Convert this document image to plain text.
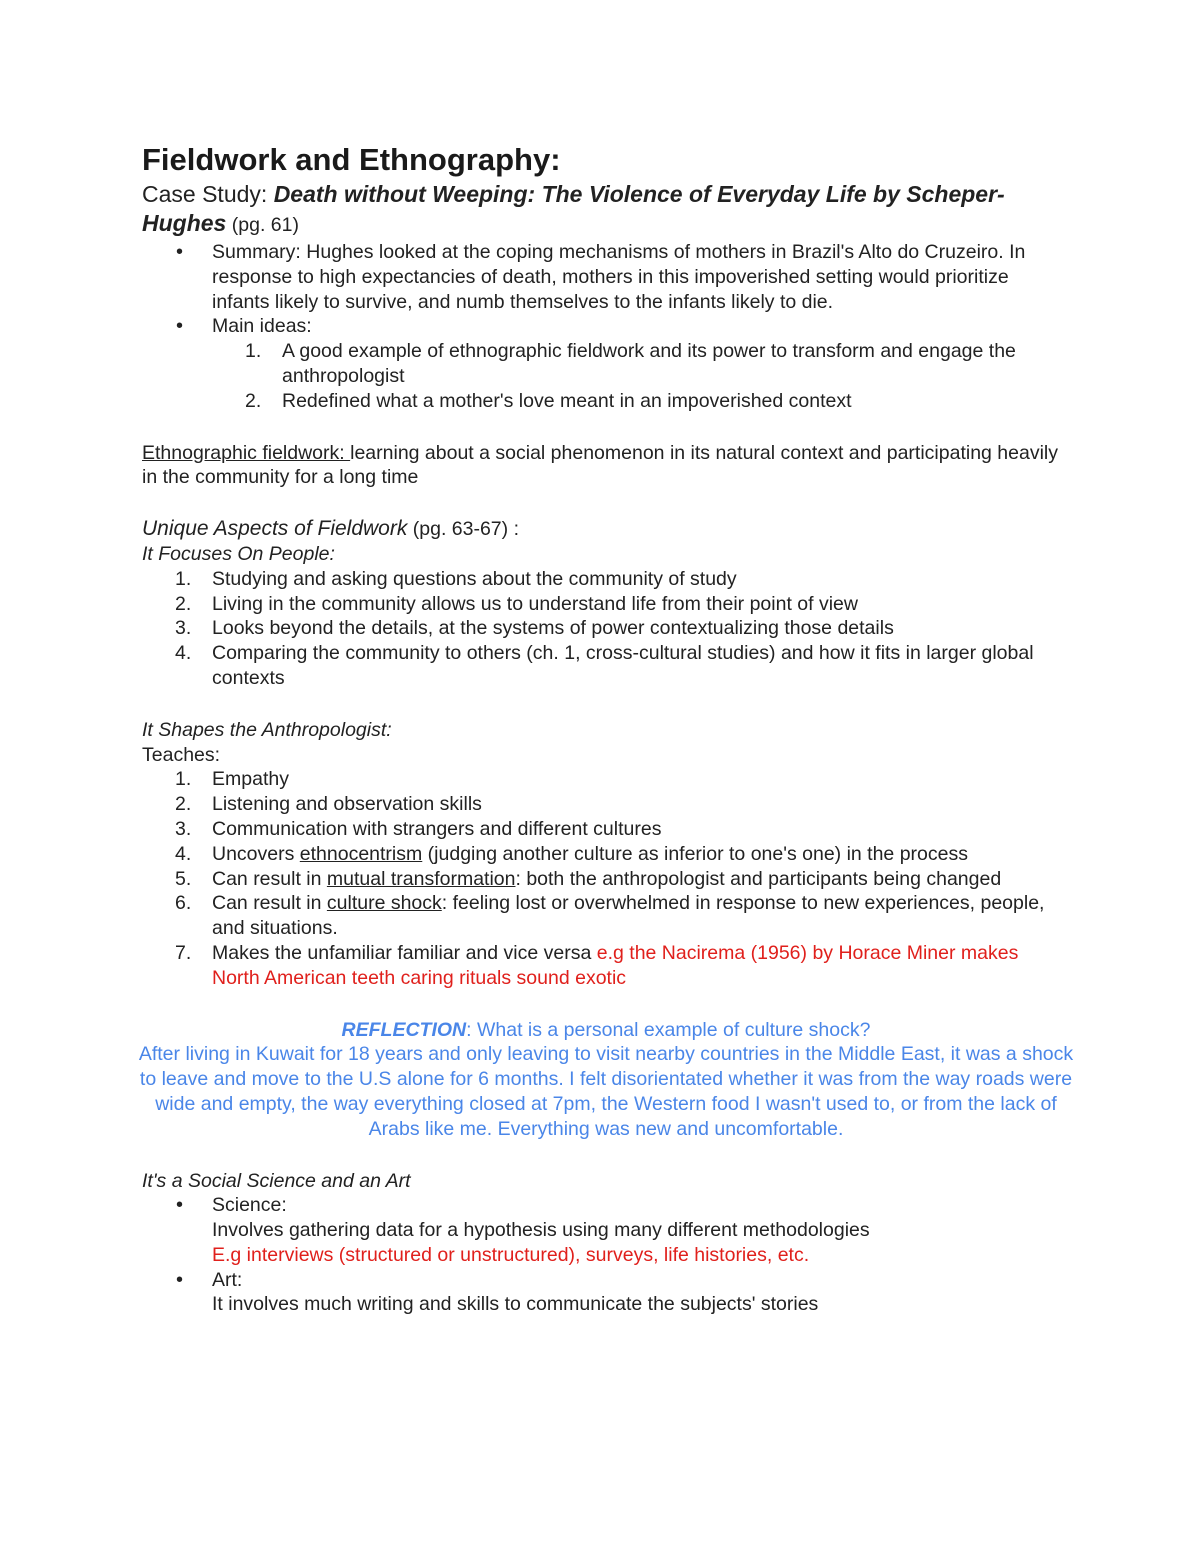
Fieldwork and Ethnography:

Case Study: Death without Weeping: The Violence of Everyday Life by Scheper-Hughes (pg. 61)

• Summary: Hughes looked at the coping mechanisms of mothers in Brazil's Alto do Cruzeiro. In response to high expectancies of death, mothers in this impoverished setting would prioritize infants likely to survive, and numb themselves to the infants likely to die.
• Main ideas:
1. A good example of ethnographic fieldwork and its power to transform and engage the anthropologist
2. Redefined what a mother's love meant in an impoverished context

Ethnographic fieldwork: learning about a social phenomenon in its natural context and participating heavily in the community for a long time

Unique Aspects of Fieldwork (pg. 63-67) :

It Focuses On People:

1. Studying and asking questions about the community of study
2. Living in the community allows us to understand life from their point of view
3. Looks beyond the details, at the systems of power contextualizing those details
4. Comparing the community to others (ch. 1, cross-cultural studies) and how it fits in larger global contexts

It Shapes the Anthropologist:

Teaches:

1. Empathy
2. Listening and observation skills
3. Communication with strangers and different cultures
4. Uncovers ethnocentrism (judging another culture as inferior to one's one) in the process
5. Can result in mutual transformation: both the anthropologist and participants being changed
6. Can result in culture shock: feeling lost or overwhelmed in response to new experiences, people, and situations.
7. Makes the unfamiliar familiar and vice versa e.g the Nacirema (1956) by Horace Miner makes North American teeth caring rituals sound exotic

REFLECTION: What is a personal example of culture shock?

After living in Kuwait for 18 years and only leaving to visit nearby countries in the Middle East, it was a shock to leave and move to the U.S alone for 6 months. I felt disorientated whether it was from the way roads were wide and empty, the way everything closed at 7pm, the Western food I wasn't used to, or from the lack of Arabs like me. Everything was new and uncomfortable.

It's a Social Science and an Art

• Science:
Involves gathering data for a hypothesis using many different methodologies
E.g interviews (structured or unstructured), surveys, life histories, etc.
• Art:
It involves much writing and skills to communicate the subjects' stories
